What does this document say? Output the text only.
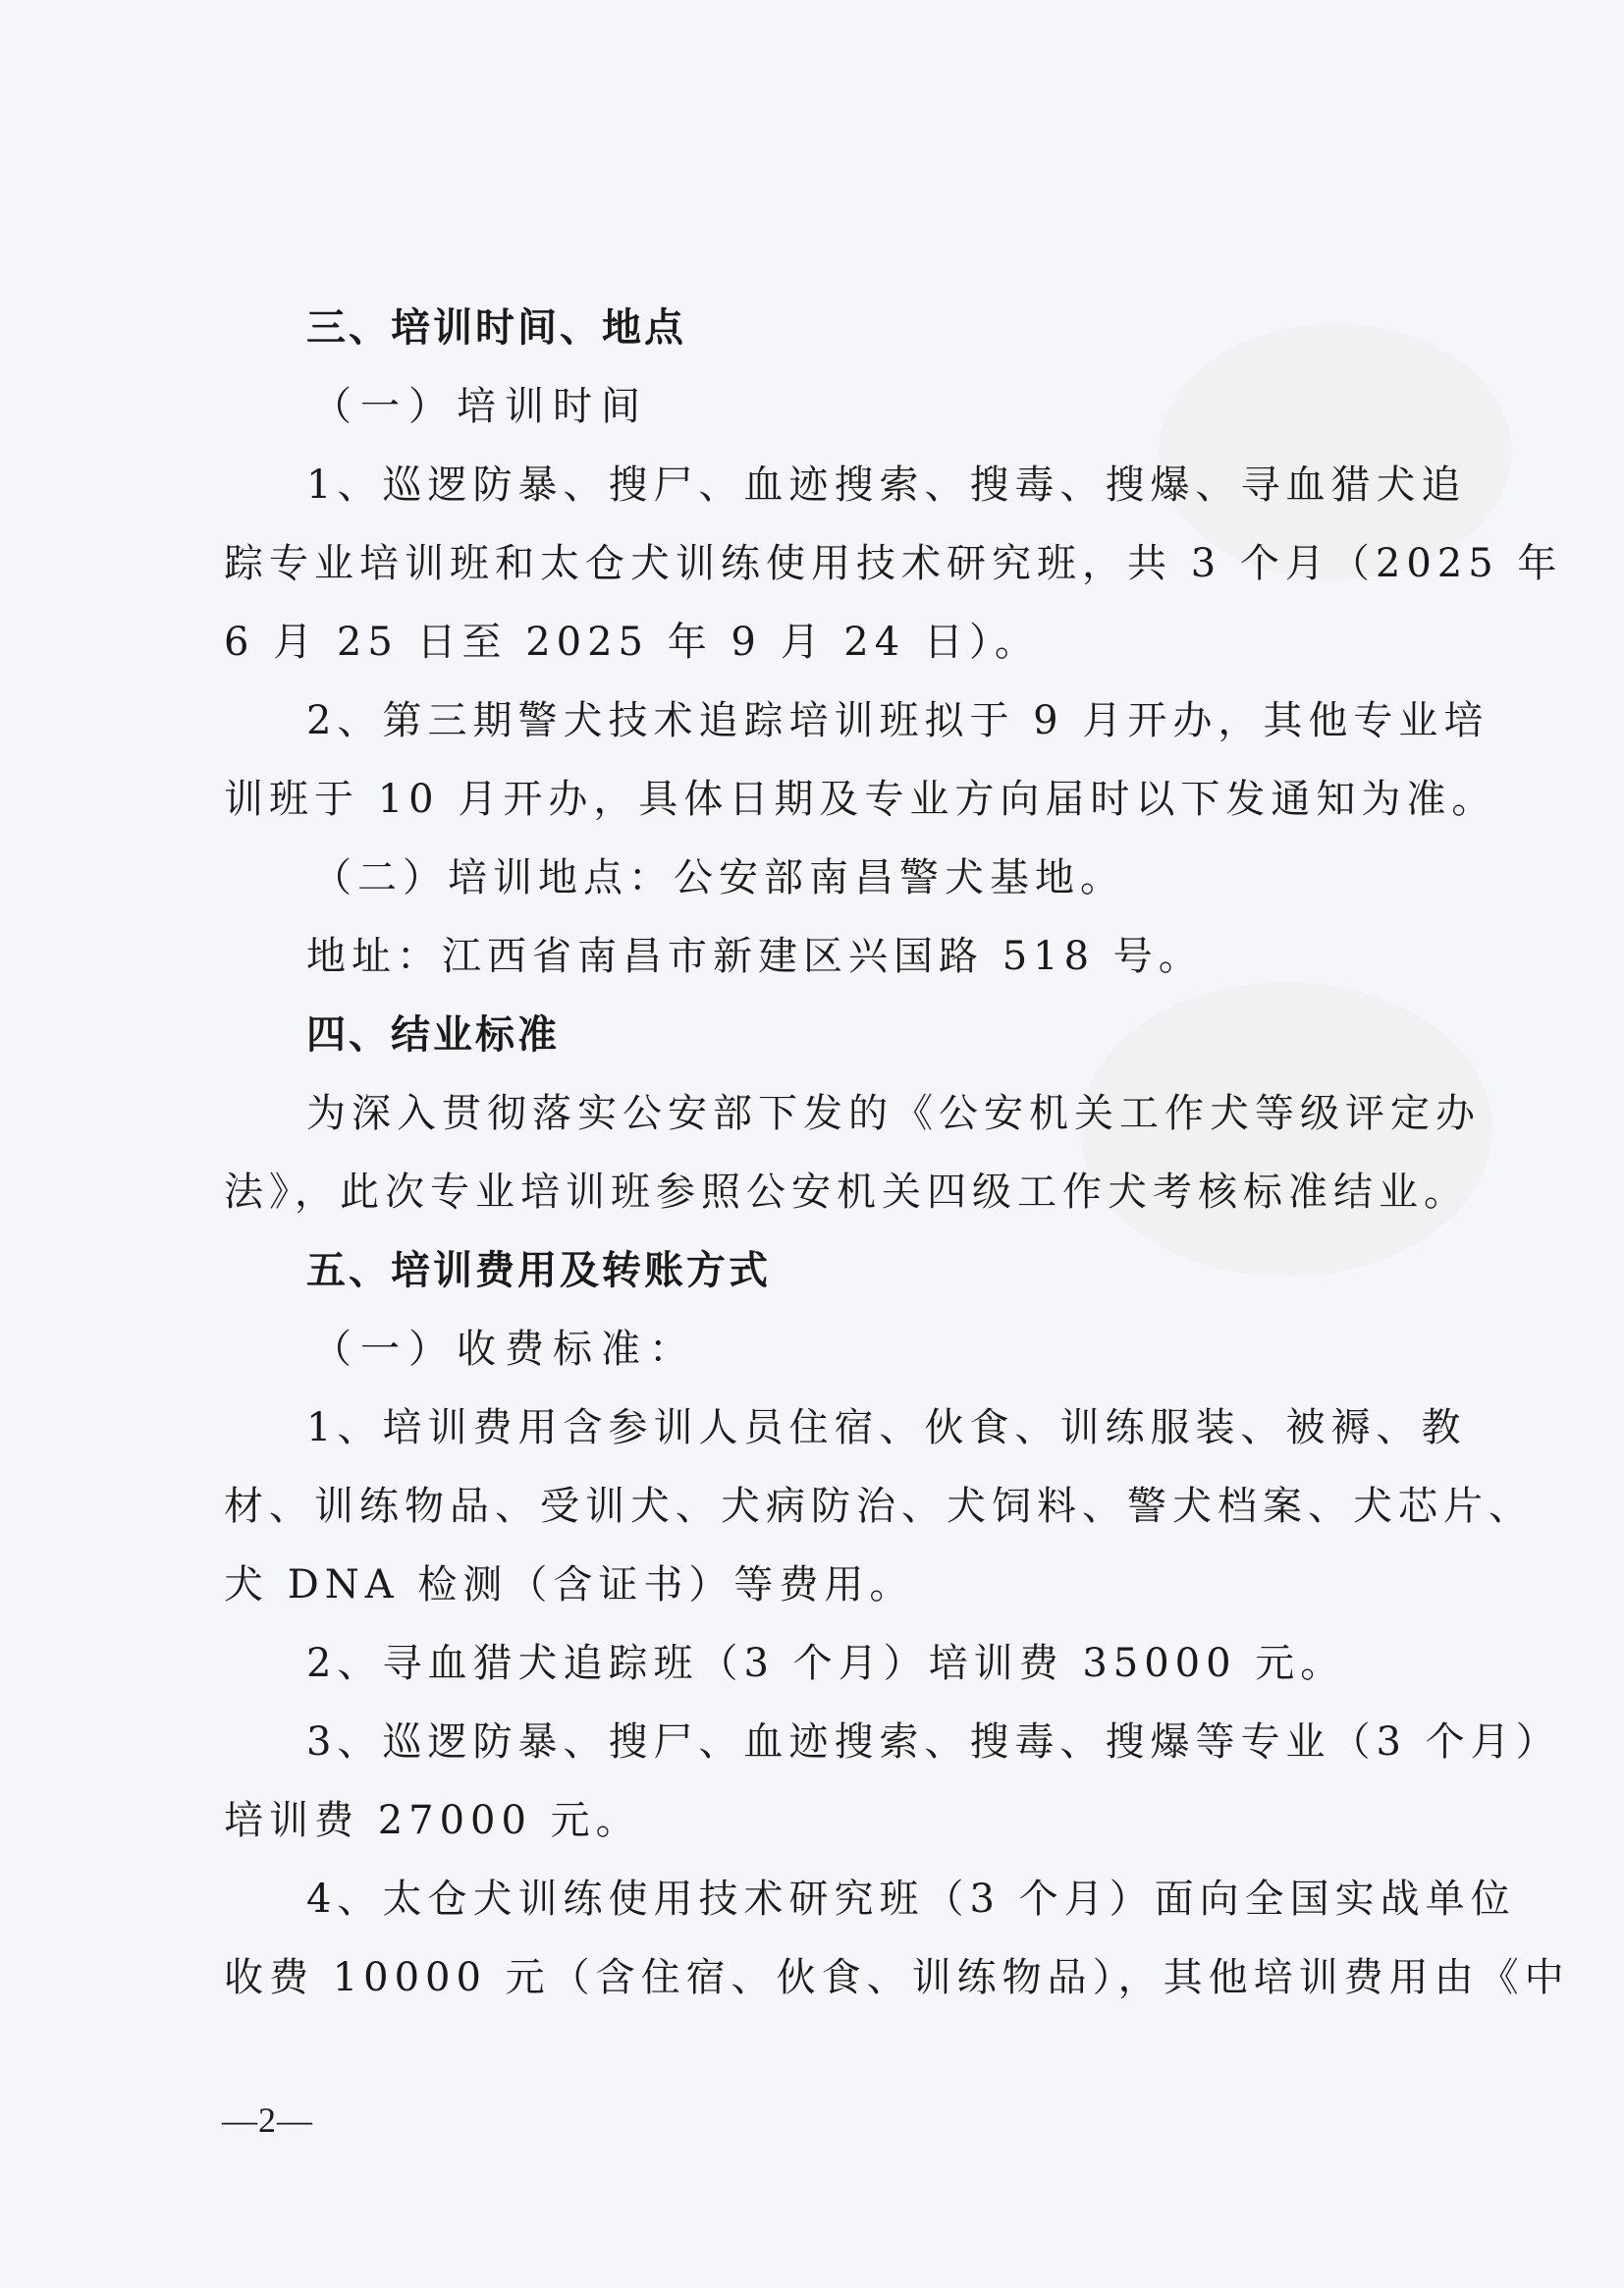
三、培训时间、地点

（一）培训时间

1、巡逻防暴、搜尸、血迹搜索、搜毒、搜爆、寻血猎犬追

踪专业培训班和太仓犬训练使用技术研究班，共 3 个月（2025 年

6 月 25 日至 2025 年 9 月 24 日）。

2、第三期警犬技术追踪培训班拟于 9 月开办，其他专业培

训班于 10 月开办，具体日期及专业方向届时以下发通知为准。

（二）培训地点：公安部南昌警犬基地。

地址：江西省南昌市新建区兴国路 518 号。

四、结业标准

为深入贯彻落实公安部下发的《公安机关工作犬等级评定办

法》，此次专业培训班参照公安机关四级工作犬考核标准结业。

五、培训费用及转账方式

（一）收费标准：

1、培训费用含参训人员住宿、伙食、训练服装、被褥、教

材、训练物品、受训犬、犬病防治、犬饲料、警犬档案、犬芯片、

犬 DNA 检测（含证书）等费用。

2、寻血猎犬追踪班（3 个月）培训费 35000 元。

3、巡逻防暴、搜尸、血迹搜索、搜毒、搜爆等专业（3 个月）

培训费 27000 元。

4、太仓犬训练使用技术研究班（3 个月）面向全国实战单位

收费 10000 元（含住宿、伙食、训练物品），其他培训费用由《中

—2—
